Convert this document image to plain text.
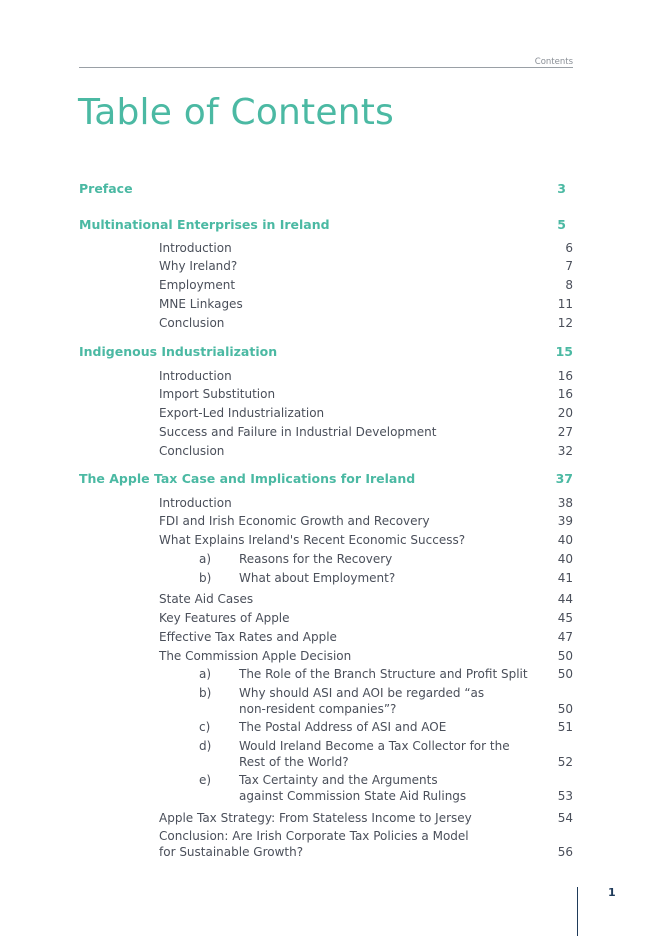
Contents
Table of Contents
Preface	3
Multinational Enterprises in Ireland	5
Introduction	6
Why Ireland?	7
Employment	8
MNE Linkages	11
Conclusion	12
Indigenous Industrialization	15
Introduction	16
Import Substitution	16
Export-Led Industrialization	20
Success and Failure in Industrial Development	27
Conclusion	32
The Apple Tax Case and Implications for Ireland	37
Introduction	38
FDI and Irish Economic Growth and Recovery	39
What Explains Ireland's Recent Economic Success?	40
a) Reasons for the Recovery	40
b) What about Employment?	41
State Aid Cases	44
Key Features of Apple	45
Effective Tax Rates and Apple	47
The Commission Apple Decision	50
a) The Role of the Branch Structure and Profit Split	50
b) Why should ASI and AOI be regarded “as non-resident companies”?	50
c) The Postal Address of ASI and AOE	51
d) Would Ireland Become a Tax Collector for the Rest of the World?	52
e) Tax Certainty and the Arguments against Commission State Aid Rulings	53
Apple Tax Strategy: From Stateless Income to Jersey	54
Conclusion: Are Irish Corporate Tax Policies a Model for Sustainable Growth?	56
1
